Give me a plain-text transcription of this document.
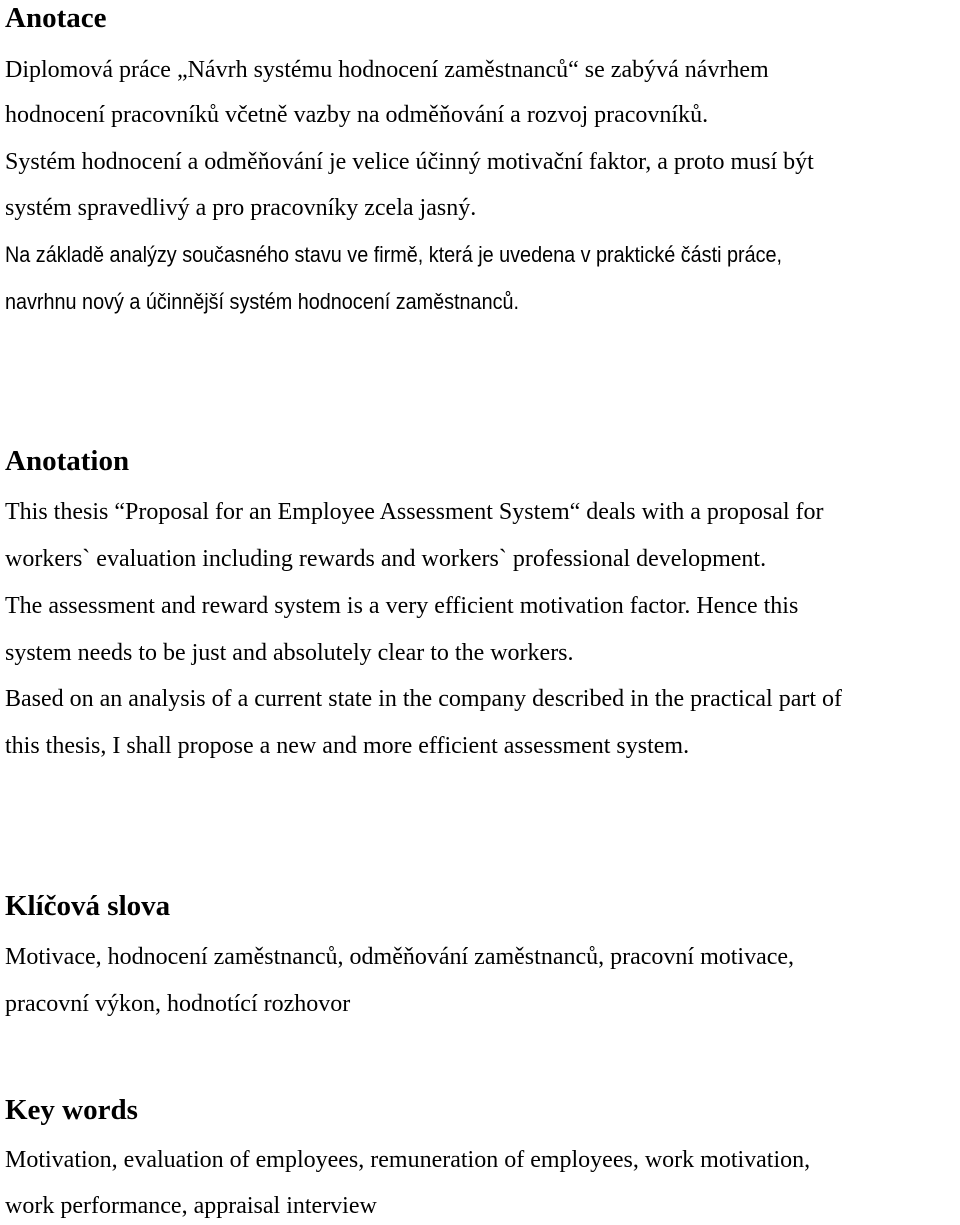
Anotace

Diplomová práce „Návrh systému hodnocení zaměstnanců“ se zabývá návrhem

hodnocení pracovníků včetně vazby na odměňování a rozvoj pracovníků.

Systém hodnocení a odměňování je velice účinný motivační faktor, a proto musí být

systém spravedlivý a pro pracovníky zcela jasný.

Na základě analýzy současného stavu ve firmě, která je uvedena v praktické části práce,

navrhnu nový a účinnější systém hodnocení zaměstnanců.

Anotation

This thesis “Proposal for an Employee Assessment System“ deals with a proposal for

workers` evaluation including rewards and workers` professional development.

The assessment and reward system is a very efficient motivation factor. Hence this

system needs to be just and absolutely clear to the workers.

Based on an analysis of a current state in the company described in the practical part of

this thesis, I shall propose a new and more efficient assessment system.

Klíčová slova

Motivace, hodnocení zaměstnanců, odměňování zaměstnanců, pracovní motivace,

pracovní výkon, hodnotící rozhovor

Key words

Motivation, evaluation of employees, remuneration of employees, work motivation,

work performance, appraisal interview
